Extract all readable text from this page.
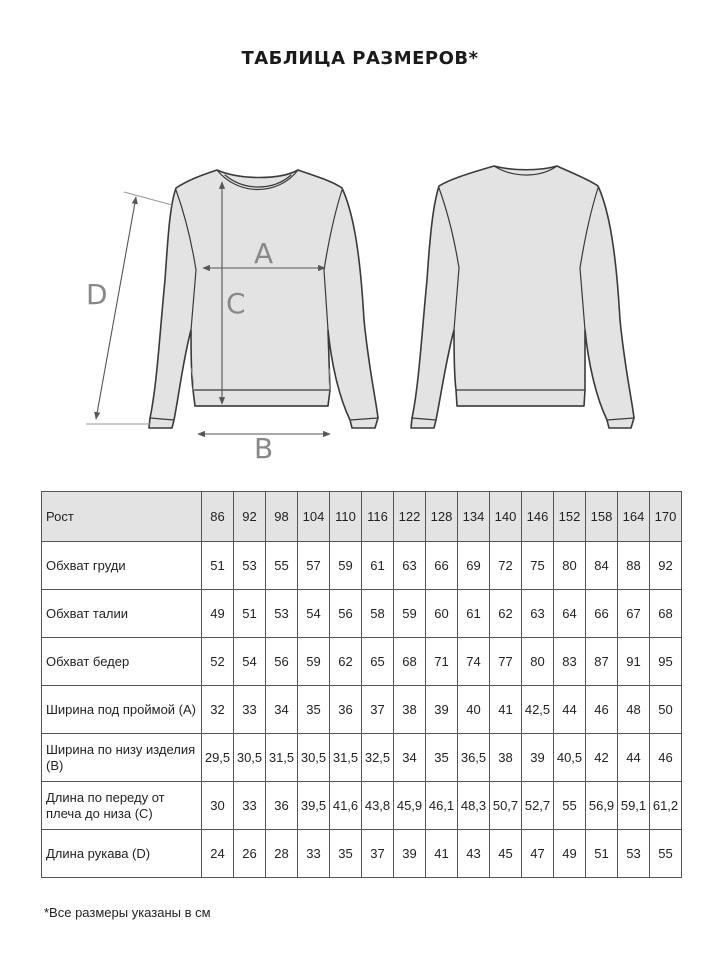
ТАБЛИЦА РАЗМЕРОВ*
A
C
B
D
Рост	86	92	98	104	110	116	122	128	134	140	146	152	158	164	170
Обхват груди	51	53	55	57	59	61	63	66	69	72	75	80	84	88	92
Обхват талии	49	51	53	54	56	58	59	60	61	62	63	64	66	67	68
Обхват бедер	52	54	56	59	62	65	68	71	74	77	80	83	87	91	95
Ширина под проймой (А)	32	33	34	35	36	37	38	39	40	41	42,5	44	46	48	50
Ширина по низу изделия (В)	29,5	30,5	31,5	30,5	31,5	32,5	34	35	36,5	38	39	40,5	42	44	46
Длина по переду от плеча до низа (С)	30	33	36	39,5	41,6	43,8	45,9	46,1	48,3	50,7	52,7	55	56,9	59,1	61,2
Длина рукава (D)	24	26	28	33	35	37	39	41	43	45	47	49	51	53	55
*Все размеры указаны в см
